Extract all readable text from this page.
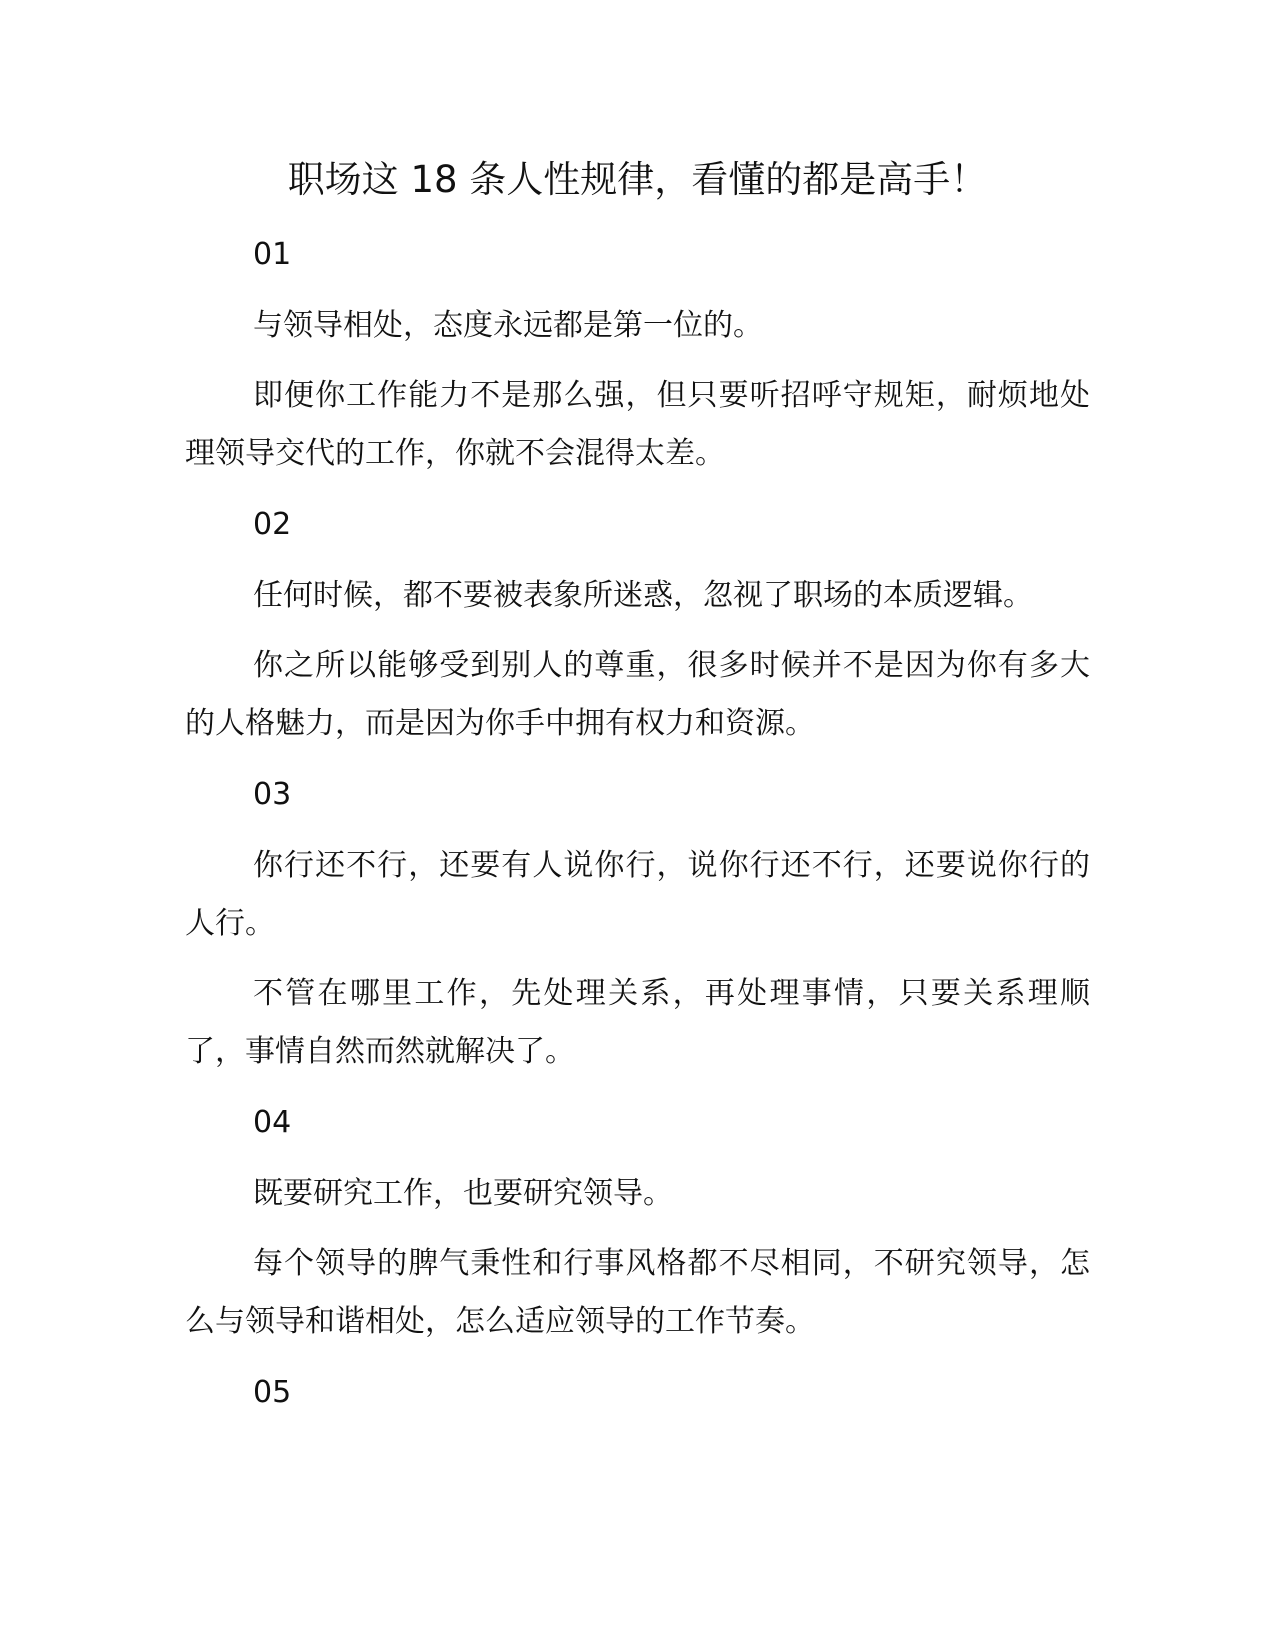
职场这 18 条人性规律，看懂的都是高手！
01

与领导相处，态度永远都是第一位的。

即便你工作能力不是那么强，但只要听招呼守规矩，耐烦地处理领导交代的工作，你就不会混得太差。

02

任何时候，都不要被表象所迷惑，忽视了职场的本质逻辑。

你之所以能够受到别人的尊重，很多时候并不是因为你有多大的人格魅力，而是因为你手中拥有权力和资源。

03

你行还不行，还要有人说你行，说你行还不行，还要说你行的人行。

不管在哪里工作，先处理关系，再处理事情，只要关系理顺了，事情自然而然就解决了。

04

既要研究工作，也要研究领导。

每个领导的脾气秉性和行事风格都不尽相同，不研究领导，怎么与领导和谐相处，怎么适应领导的工作节奏。

05
